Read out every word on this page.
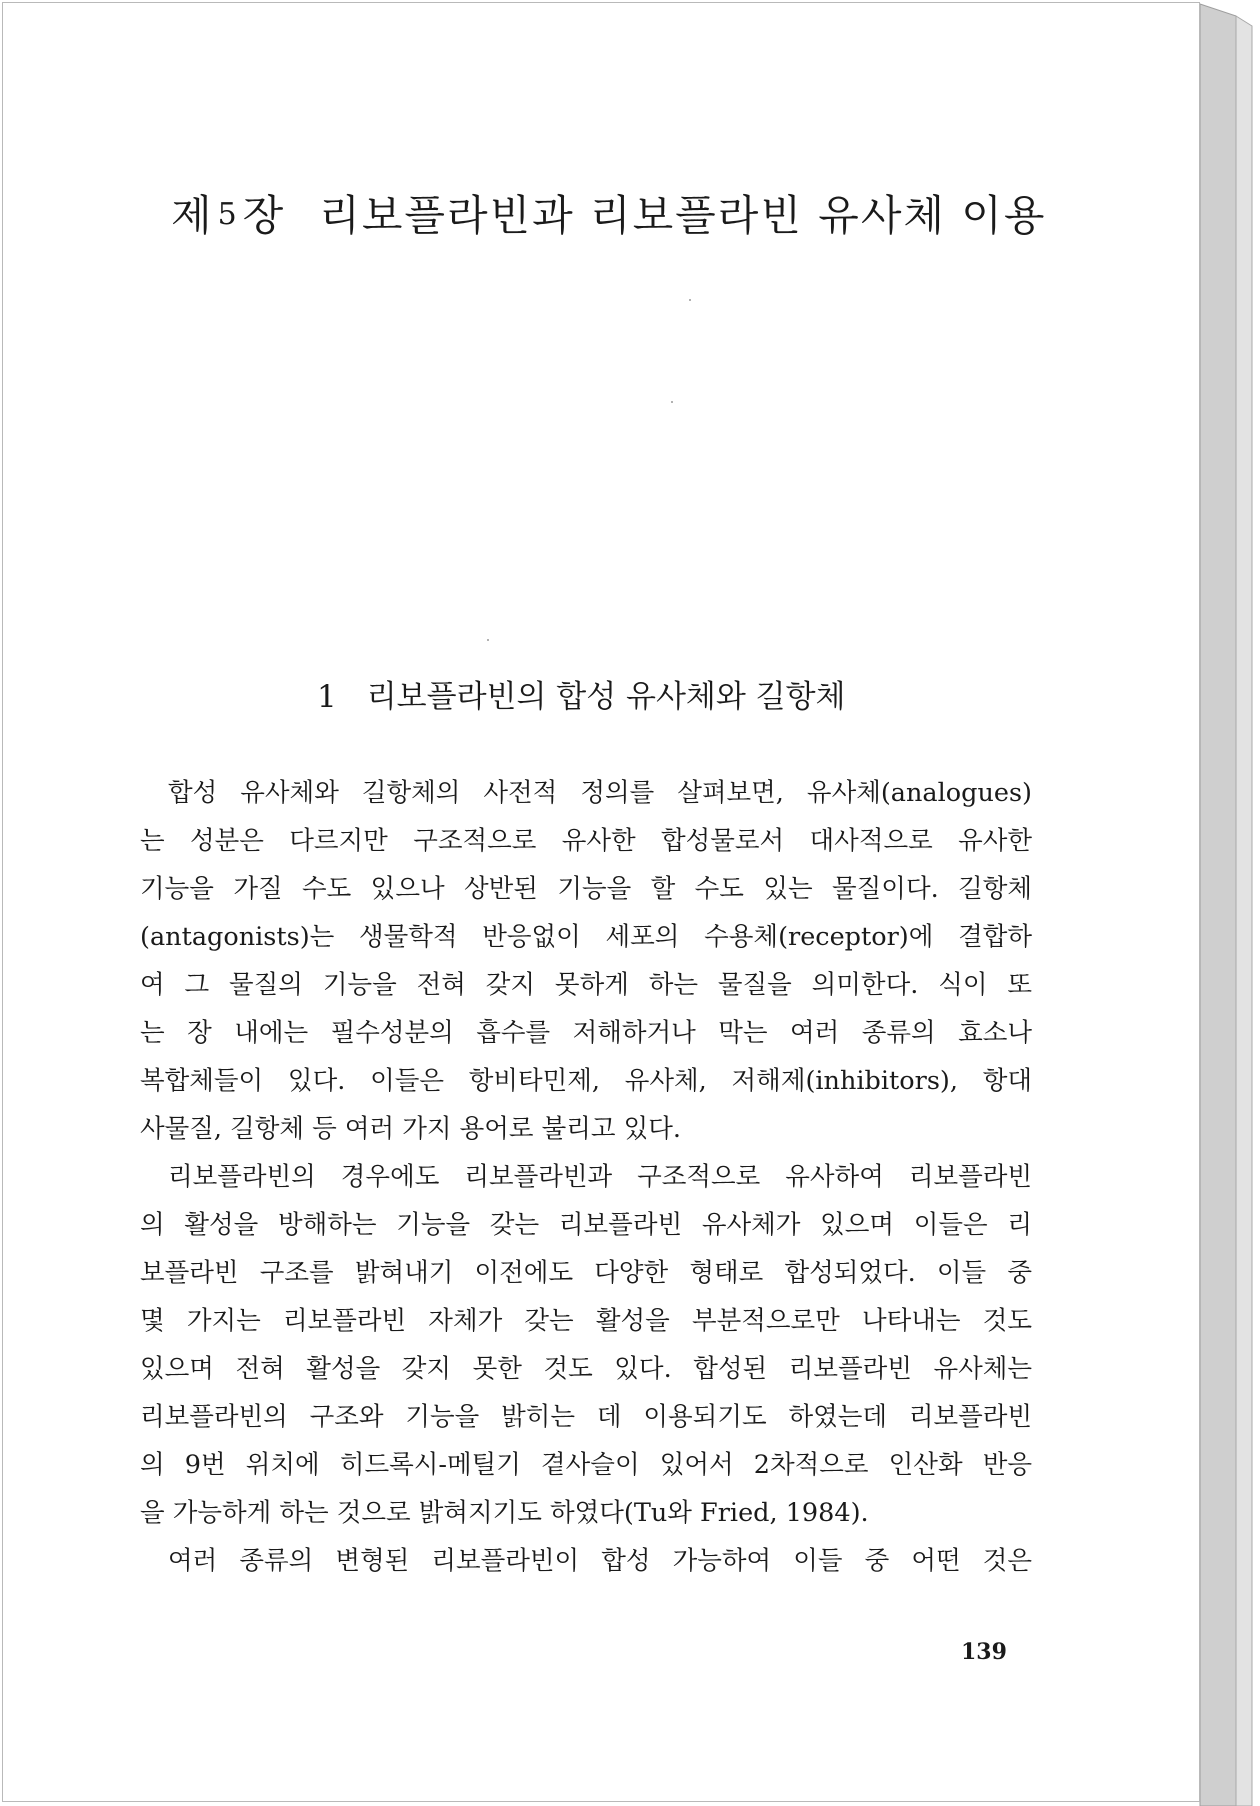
제 5장 리보플라빈과 리보플라빈 유사체 이용
1 리보플라빈의 합성 유사체와 길항체
합성 유사체와 길항체의 사전적 정의를 살펴보면, 유사체(analogues)
는 성분은 다르지만 구조적으로 유사한 합성물로서 대사적으로 유사한
기능을 가질 수도 있으나 상반된 기능을 할 수도 있는 물질이다. 길항체
(antagonists)는 생물학적 반응없이 세포의 수용체(receptor)에 결합하
여 그 물질의 기능을 전혀 갖지 못하게 하는 물질을 의미한다. 식이 또
는 장 내에는 필수성분의 흡수를 저해하거나 막는 여러 종류의 효소나
복합체들이 있다. 이들은 항비타민제, 유사체, 저해제(inhibitors), 항대
사물질, 길항체 등 여러 가지 용어로 불리고 있다.
리보플라빈의 경우에도 리보플라빈과 구조적으로 유사하여 리보플라빈
의 활성을 방해하는 기능을 갖는 리보플라빈 유사체가 있으며 이들은 리
보플라빈 구조를 밝혀내기 이전에도 다양한 형태로 합성되었다. 이들 중
몇 가지는 리보플라빈 자체가 갖는 활성을 부분적으로만 나타내는 것도
있으며 전혀 활성을 갖지 못한 것도 있다. 합성된 리보플라빈 유사체는
리보플라빈의 구조와 기능을 밝히는 데 이용되기도 하였는데 리보플라빈
의 9번 위치에 히드록시-메틸기 곁사슬이 있어서 2차적으로 인산화 반응
을 가능하게 하는 것으로 밝혀지기도 하였다(Tu와 Fried, 1984).
여러 종류의 변형된 리보플라빈이 합성 가능하여 이들 중 어떤 것은
139
